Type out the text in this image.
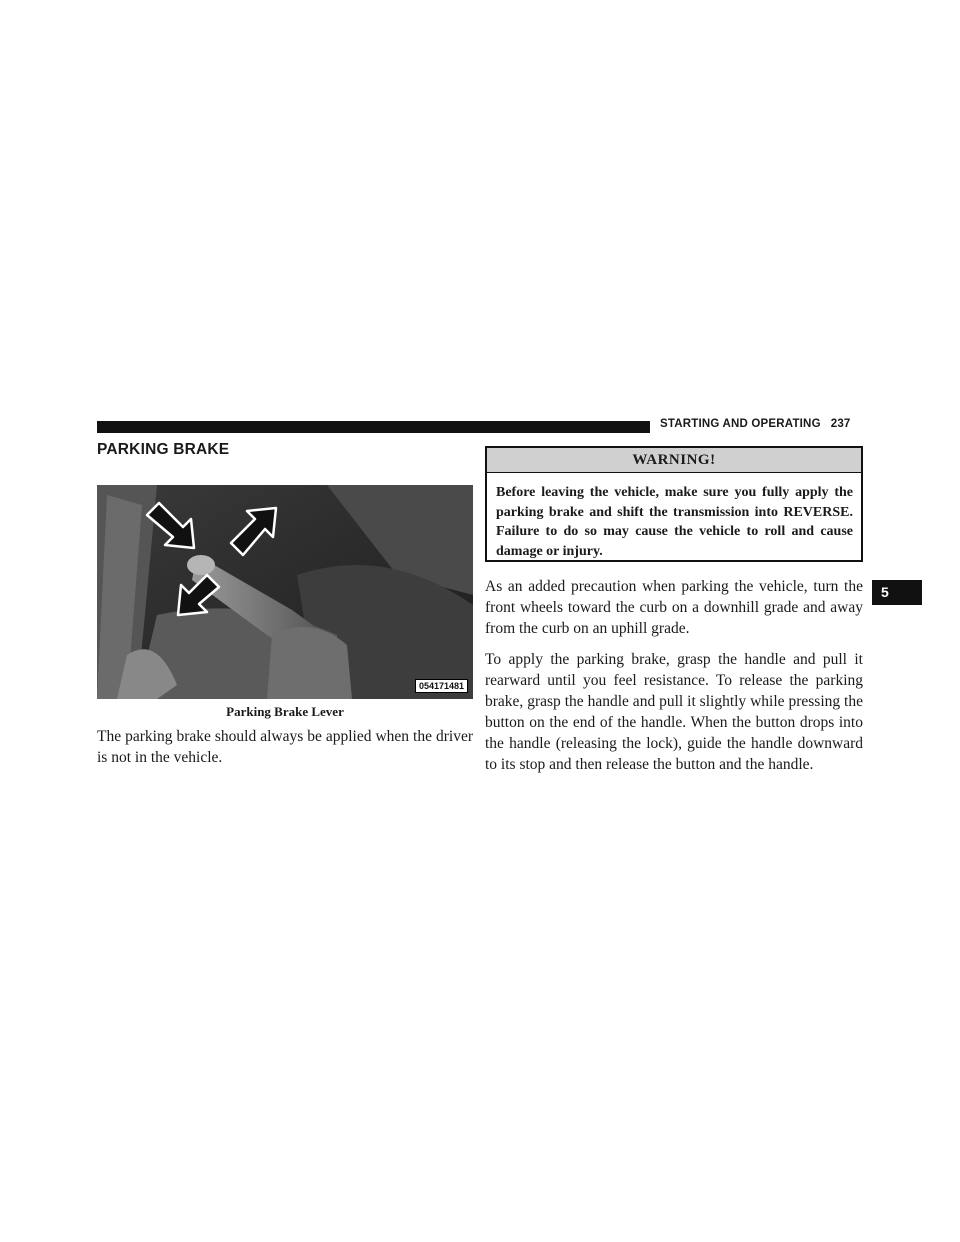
STARTING AND OPERATING 237
5
PARKING BRAKE
054171481
Parking Brake Lever

The parking brake should always be applied when the driver is not in the vehicle.

WARNING!

Before leaving the vehicle, make sure you fully apply the parking brake and shift the transmission into REVERSE. Failure to do so may cause the vehicle to roll and cause damage or injury.

As an added precaution when parking the vehicle, turn the front wheels toward the curb on a downhill grade and away from the curb on an uphill grade.

To apply the parking brake, grasp the handle and pull it rearward until you feel resistance. To release the parking brake, grasp the handle and pull it slightly while pressing the button on the end of the handle. When the button drops into the handle (releasing the lock), guide the handle downward to its stop and then release the button and the handle.
